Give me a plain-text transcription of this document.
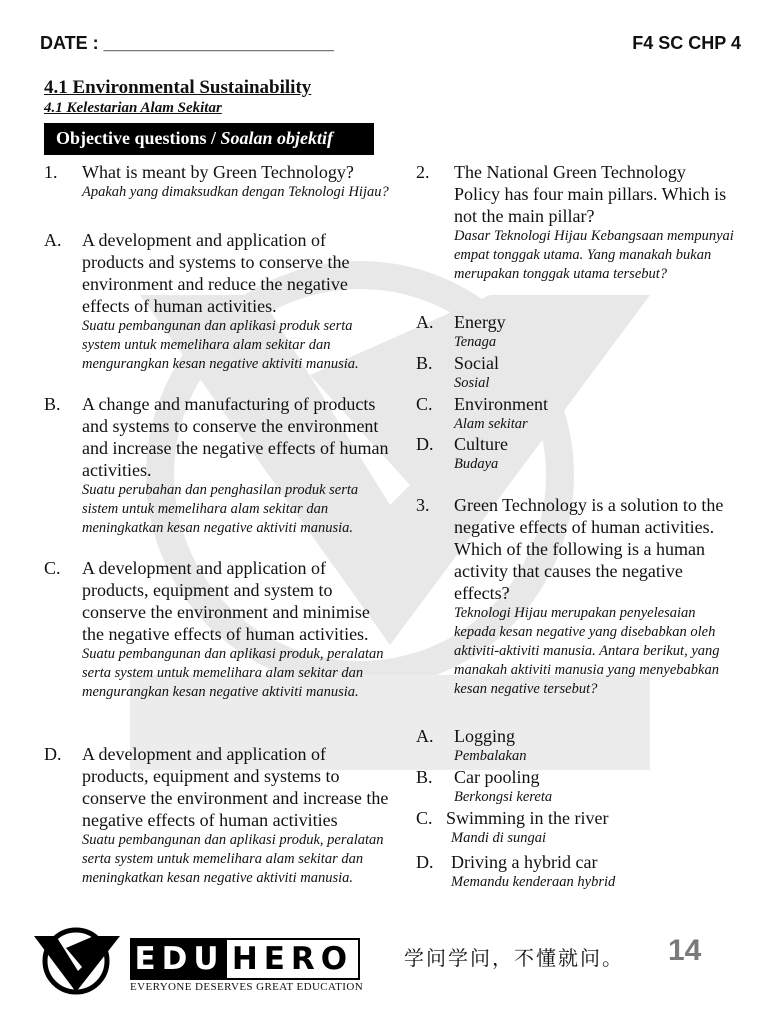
DATE : _______________________	F4 SC CHP 4
4.1 Environmental Sustainability
4.1 Kelestarian Alam Sekitar
Objective questions / Soalan objektif
1.	What is meant by Green Technology?
Apakah yang dimaksudkan dengan Teknologi Hijau?
A.	A development and application of products and systems to conserve the environment and reduce the negative effects of human activities.
Suatu pembangunan dan aplikasi produk serta system untuk memelihara alam sekitar dan mengurangkan kesan negative aktiviti manusia.
B.	A change and manufacturing of products and systems to conserve the environment and increase the negative effects of human activities.
Suatu perubahan dan penghasilan produk serta sistem untuk memelihara alam sekitar dan meningkatkan kesan negative aktiviti manusia.
C.	A development and application of products, equipment and system to conserve the environment and minimise the negative effects of human activities.
Suatu pembangunan dan aplikasi produk, peralatan serta system untuk memelihara alam sekitar dan mengurangkan kesan negative aktiviti manusia.
D.	A development and application of products, equipment and systems to conserve the environment and increase the negative effects of human activities
Suatu pembangunan dan aplikasi produk, peralatan serta system untuk memelihara alam sekitar dan meningkatkan kesan negative aktiviti manusia.
2.	The National Green Technology Policy has four main pillars. Which is not the main pillar?
Dasar Teknologi Hijau Kebangsaan mempunyai empat tonggak utama. Yang manakah bukan merupakan tonggak utama tersebut?
A.	Energy
Tenaga
B.	Social
Sosial
C.	Environment
Alam sekitar
D.	Culture
Budaya
3.	Green Technology is a solution to the negative effects of human activities. Which of the following is a human activity that causes the negative effects?
Teknologi Hijau merupakan penyelesaian kepada kesan negative yang disebabkan oleh aktiviti-aktiviti manusia. Antara berikut, yang manakah aktiviti manusia yang menyebabkan kesan negative tersebut?
A.	Logging
Pembalakan
B.	Car pooling
Berkongsi kereta
C. Swimming in the river
Mandi di sungai
D. Driving a hybrid car
Memandu kenderaan hybrid
EDU HERO
EVERYONE DESERVES GREAT EDUCATION
学问学问，不懂就问。 14
